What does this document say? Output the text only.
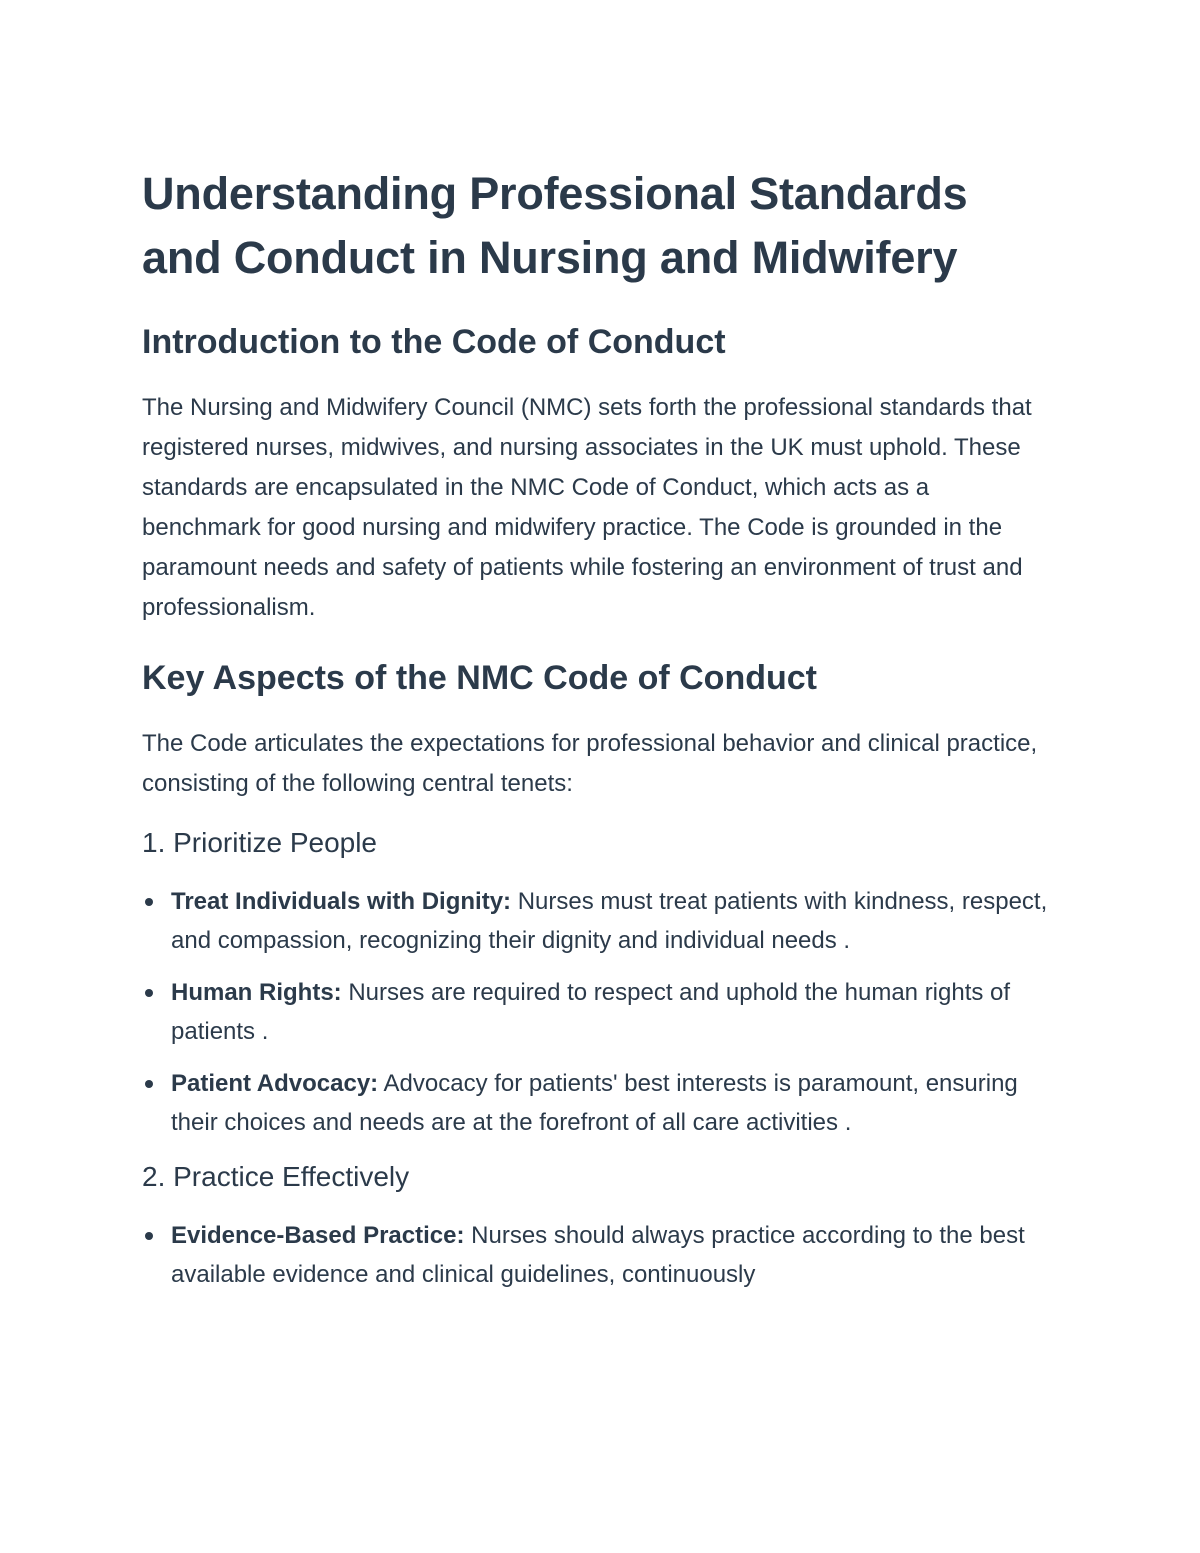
Understanding Professional Standards and Conduct in Nursing and Midwifery
Introduction to the Code of Conduct

The Nursing and Midwifery Council (NMC) sets forth the professional standards that registered nurses, midwives, and nursing associates in the UK must uphold. These standards are encapsulated in the NMC Code of Conduct, which acts as a benchmark for good nursing and midwifery practice. The Code is grounded in the paramount needs and safety of patients while fostering an environment of trust and professionalism.

Key Aspects of the NMC Code of Conduct

The Code articulates the expectations for professional behavior and clinical practice, consisting of the following central tenets:

1. Prioritize People
Treat Individuals with Dignity: Nurses must treat patients with kindness, respect, and compassion, recognizing their dignity and individual needs .
Human Rights: Nurses are required to respect and uphold the human rights of patients .
Patient Advocacy: Advocacy for patients' best interests is paramount, ensuring their choices and needs are at the forefront of all care activities .
2. Practice Effectively
Evidence-Based Practice: Nurses should always practice according to the best available evidence and clinical guidelines, continuously
